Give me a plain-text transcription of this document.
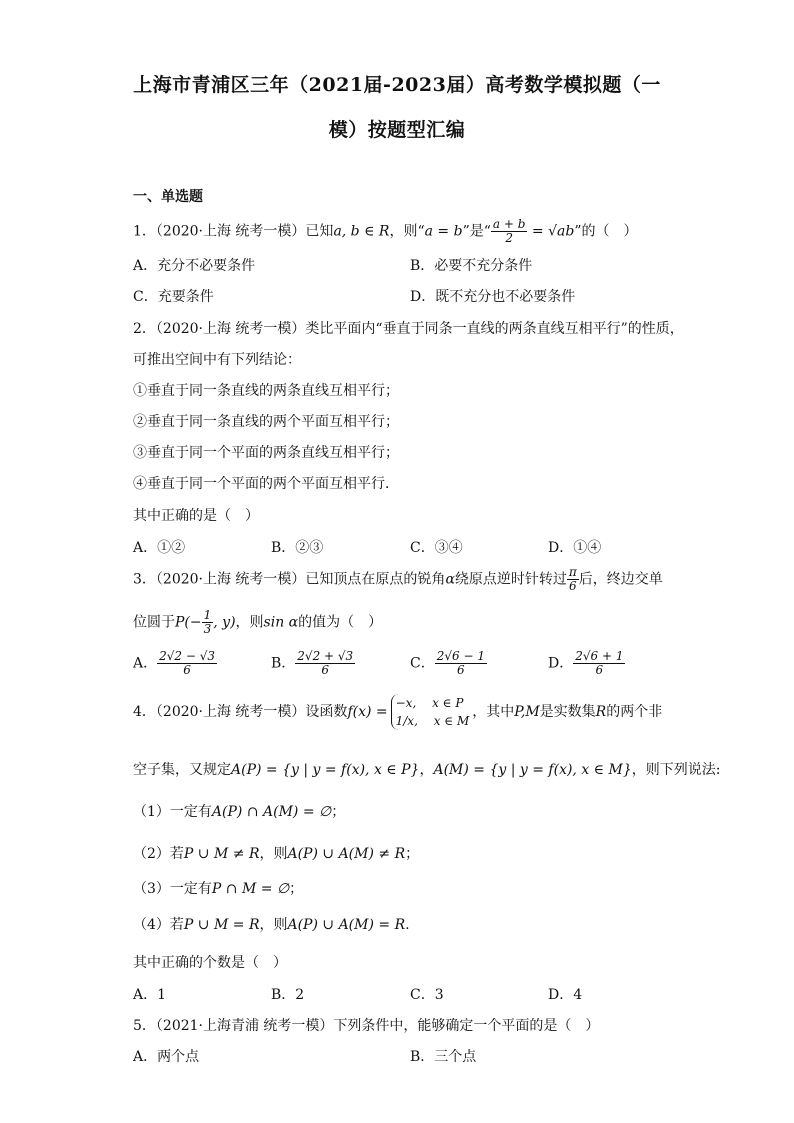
上海市青浦区三年（2021届-2023届）高考数学模拟题（一
模）按题型汇编
一、单选题
1．（2020·上海 统考一模）已知a, b ∈ R，则“a = b”是“ $\frac{a + b}{2} = √ab$”的（　）
A．充分不必要条件	B．必要不充分条件
C．充要条件	D．既不充分也不必要条件
2．（2020·上海 统考一模）类比平面内“垂直于同条一直线的两条直线互相平行”的性质，
可推出空间中有下列结论：
①垂直于同一条直线的两条直线互相平行；
②垂直于同一条直线的两个平面互相平行；
③垂直于同一个平面的两条直线互相平行；
④垂直于同一个平面的两个平面互相平行．
其中正确的是（　）
A．①②	B．②③	C．③④	D．①④
3．（2020·上海 统考一模）已知顶点在原点的锐角α绕原点逆时针转过 $\frac{\pi}{6}$ 后，终边交单
位圆于$P(- \frac{1}{3}$ , y)，则sin α的值为（　）
A． $\frac{2√2 - √3}{6}$	B． $\frac{2√2 + √3}{6}$	C． $\frac{2√6 - 1}{6}$	D． $\frac{2√6 + 1}{6}$
4．（2020·上海 统考一模）设函数f(x) =
−x,　 x ∈ P
1/x,　 x ∈ M
，其中P,M是实数集R的两个非
空子集，又规定A(P) = {y | y = f(x), x ∈ P}，A(M) = {y | y = f(x), x ∈ M}，则下列说法:
（1）一定有A(P) ∩ A(M) = ∅；
（2）若P ∪ M ≠ R，则A(P) ∪ A(M) ≠ R；
（3）一定有P ∩ M = ∅；
（4）若P ∪ M = R，则A(P) ∪ A(M) = R.
其中正确的个数是（　）
A．1	B．2	C．3	D．4
5．（2021·上海青浦 统考一模）下列条件中，能够确定一个平面的是（　）
A．两个点	B．三个点
